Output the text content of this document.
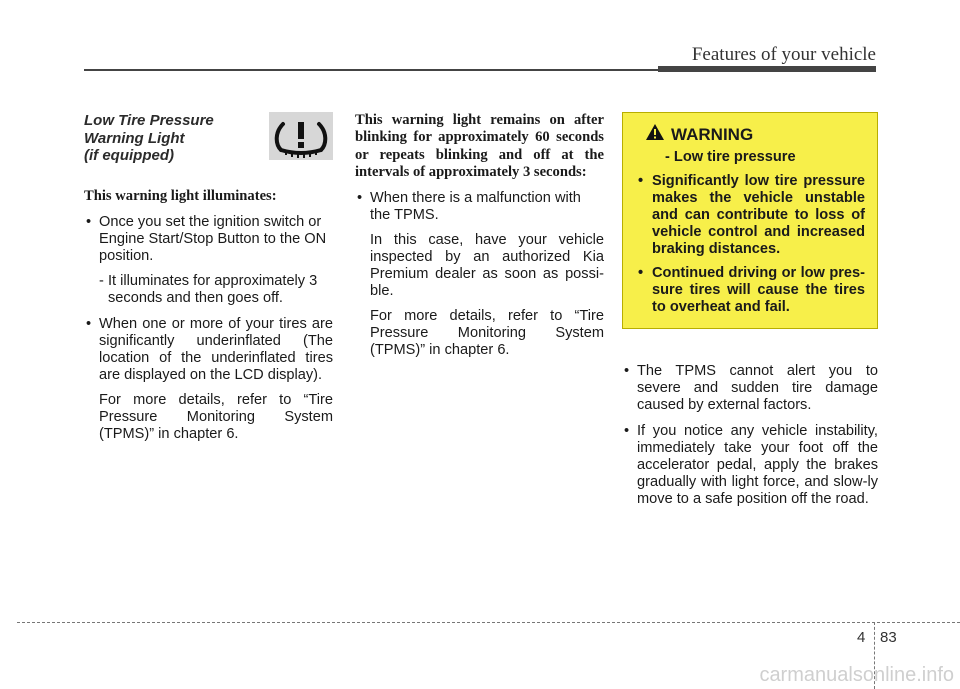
Features of your vehicle
Low Tire Pressure
Warning Light
(if equipped)

This warning light illuminates:

• Once you set the ignition switch or Engine Start/Stop Button to the ON position.
- It illuminates for approximately 3 seconds and then goes off.
• When one or more of your tires are significantly underinflated (The location of the underinflated tires are displayed on the LCD display).

For more details, refer to “Tire Pressure Monitoring System (TPMS)” in chapter 6.

This warning light remains on after blinking for approximately 60 seconds or repeats blinking and off at the intervals of approximately 3 seconds:

• When there is a malfunction with the TPMS.

In this case, have your vehicle inspected by an authorized Kia Premium dealer as soon as possi-ble.

For more details, refer to “Tire Pressure Monitoring System (TPMS)” in chapter 6.

WARNING
- Low tire pressure
• Significantly low tire pressure makes the vehicle unstable and can contribute to loss of vehicle control and increased braking distances.
• Continued driving or low pres-sure tires will cause the tires to overheat and fail.
• The TPMS cannot alert you to severe and sudden tire damage caused by external factors.
• If you notice any vehicle instability, immediately take your foot off the accelerator pedal, apply the brakes gradually with light force, and slow-ly move to a safe position off the road.
4 83
carmanualsonline.info
